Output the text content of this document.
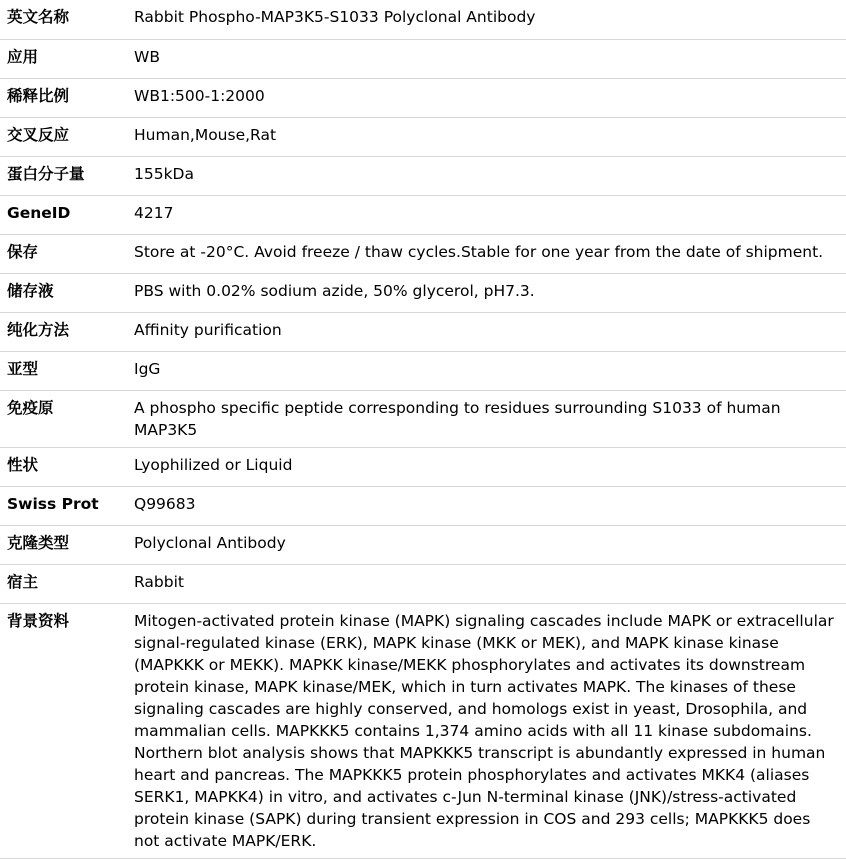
英文名称	Rabbit Phospho-MAP3K5-S1033 Polyclonal Antibody
应用	WB
稀释比例	WB1:500-1:2000
交叉反应	Human,Mouse,Rat
蛋白分子量	155kDa
GeneID	4217
保存	Store at -20°C. Avoid freeze / thaw cycles.Stable for one year from the date of shipment.
储存液	PBS with 0.02% sodium azide, 50% glycerol, pH7.3.
纯化方法	Affinity purification
亚型	IgG
免疫原	A phospho specific peptide corresponding to residues surrounding S1033 of human MAP3K5
性状	Lyophilized or Liquid
Swiss Prot	Q99683
克隆类型	Polyclonal Antibody
宿主	Rabbit
背景资料	Mitogen-activated protein kinase (MAPK) signaling cascades include MAPK or extracellular signal-regulated kinase (ERK), MAPK kinase (MKK or MEK), and MAPK kinase kinase (MAPKKK or MEKK). MAPKK kinase/MEKK phosphorylates and activates its downstream protein kinase, MAPK kinase/MEK, which in turn activates MAPK. The kinases of these signaling cascades are highly conserved, and homologs exist in yeast, Drosophila, and mammalian cells. MAPKKK5 contains 1,374 amino acids with all 11 kinase subdomains. Northern blot analysis shows that MAPKKK5 transcript is abundantly expressed in human heart and pancreas. The MAPKKK5 protein phosphorylates and activates MKK4 (aliases SERK1, MAPKK4) in vitro, and activates c-Jun N-terminal kinase (JNK)/stress-activated protein kinase (SAPK) during transient expression in COS and 293 cells; MAPKKK5 does not activate MAPK/ERK.
